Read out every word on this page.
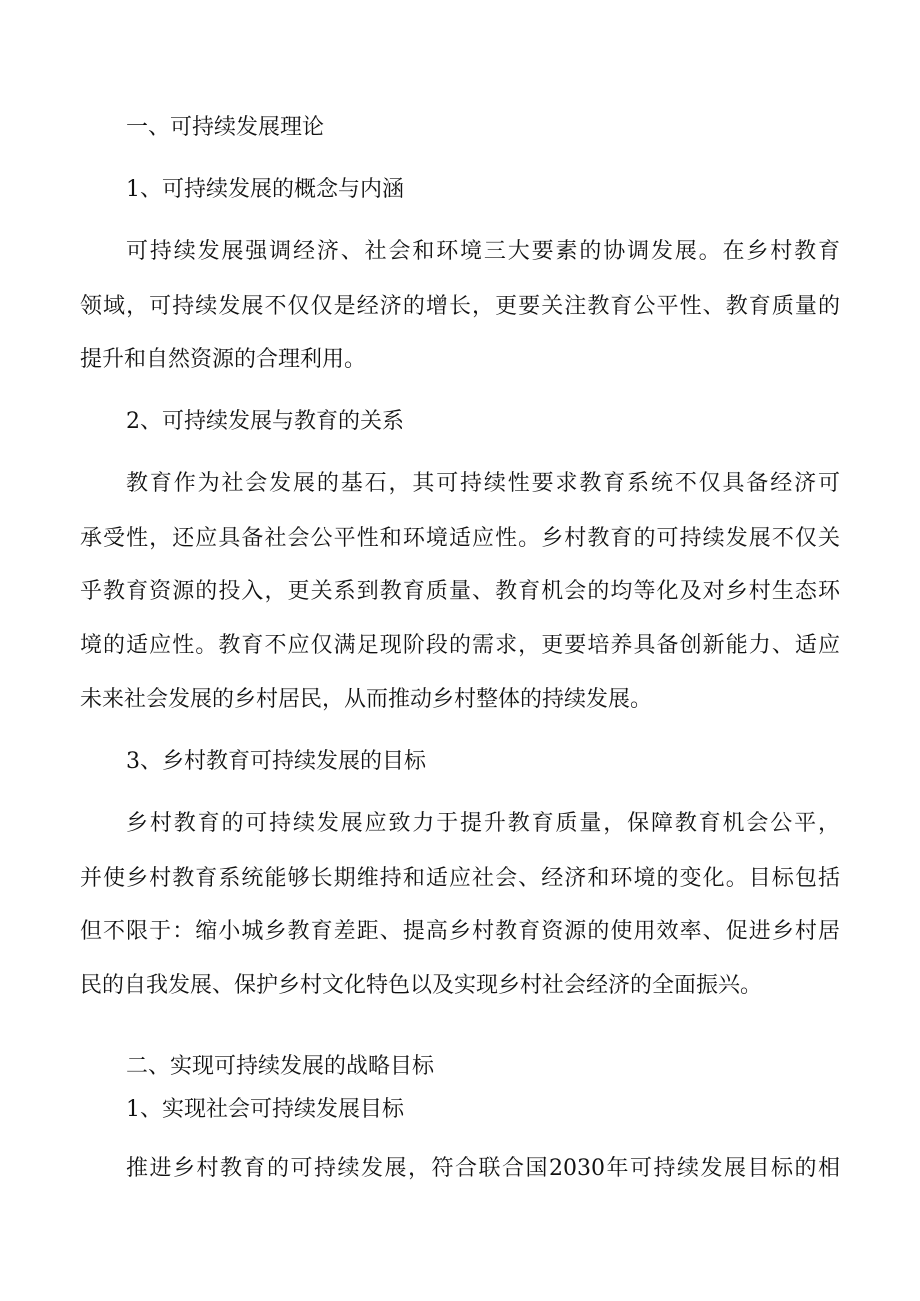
一、可持续发展理论
1、可持续发展的概念与内涵
可持续发展强调经济、社会和环境三大要素的协调发展。在乡村教育
领域，可持续发展不仅仅是经济的增长，更要关注教育公平性、教育质量的
提升和自然资源的合理利用。
2、可持续发展与教育的关系
教育作为社会发展的基石，其可持续性要求教育系统不仅具备经济可
承受性，还应具备社会公平性和环境适应性。乡村教育的可持续发展不仅关
乎教育资源的投入，更关系到教育质量、教育机会的均等化及对乡村生态环
境的适应性。教育不应仅满足现阶段的需求，更要培养具备创新能力、适应
未来社会发展的乡村居民，从而推动乡村整体的持续发展。
3、乡村教育可持续发展的目标
乡村教育的可持续发展应致力于提升教育质量，保障教育机会公平，
并使乡村教育系统能够长期维持和适应社会、经济和环境的变化。目标包括
但不限于：缩小城乡教育差距、提高乡村教育资源的使用效率、促进乡村居
民的自我发展、保护乡村文化特色以及实现乡村社会经济的全面振兴。
二、实现可持续发展的战略目标
1、实现社会可持续发展目标
推进乡村教育的可持续发展，符合联合国2030年可持续发展目标的相
